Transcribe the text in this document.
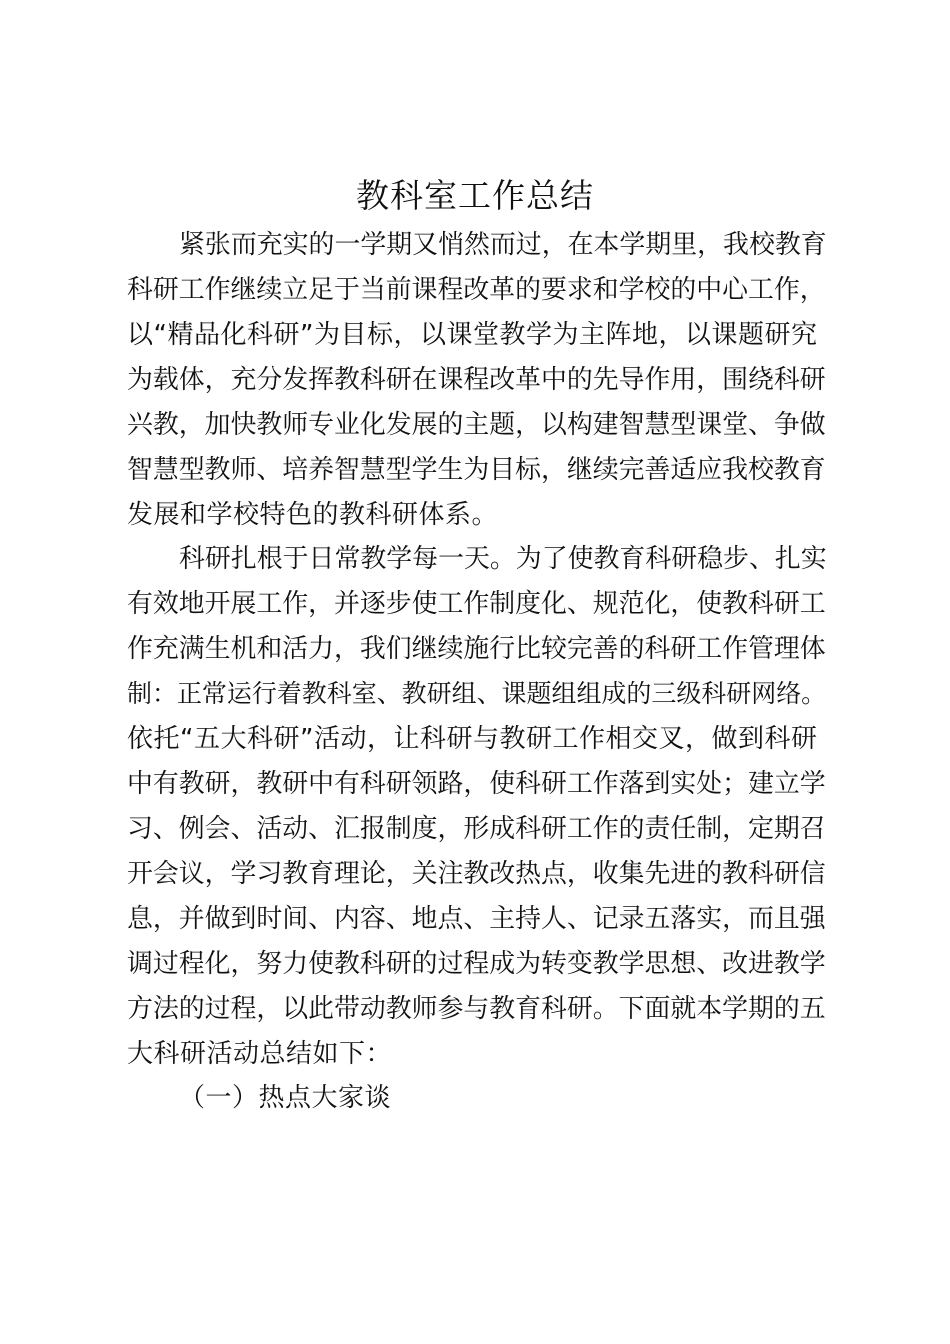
教科室工作总结
紧张而充实的一学期又悄然而过，在本学期里，我校教育
科研工作继续立足于当前课程改革的要求和学校的中心工作，
以“精品化科研”为目标，以课堂教学为主阵地，以课题研究
为载体，充分发挥教科研在课程改革中的先导作用，围绕科研
兴教，加快教师专业化发展的主题，以构建智慧型课堂、争做
智慧型教师、培养智慧型学生为目标，继续完善适应我校教育
发展和学校特色的教科研体系。
科研扎根于日常教学每一天。为了使教育科研稳步、扎实
有效地开展工作，并逐步使工作制度化、规范化，使教科研工
作充满生机和活力，我们继续施行比较完善的科研工作管理体
制：正常运行着教科室、教研组、课题组组成的三级科研网络。
依托“五大科研”活动，让科研与教研工作相交叉，做到科研
中有教研，教研中有科研领路，使科研工作落到实处；建立学
习、例会、活动、汇报制度，形成科研工作的责任制，定期召
开会议，学习教育理论，关注教改热点，收集先进的教科研信
息，并做到时间、内容、地点、主持人、记录五落实，而且强
调过程化，努力使教科研的过程成为转变教学思想、改进教学
方法的过程，以此带动教师参与教育科研。下面就本学期的五
大科研活动总结如下：
（一）热点大家谈
